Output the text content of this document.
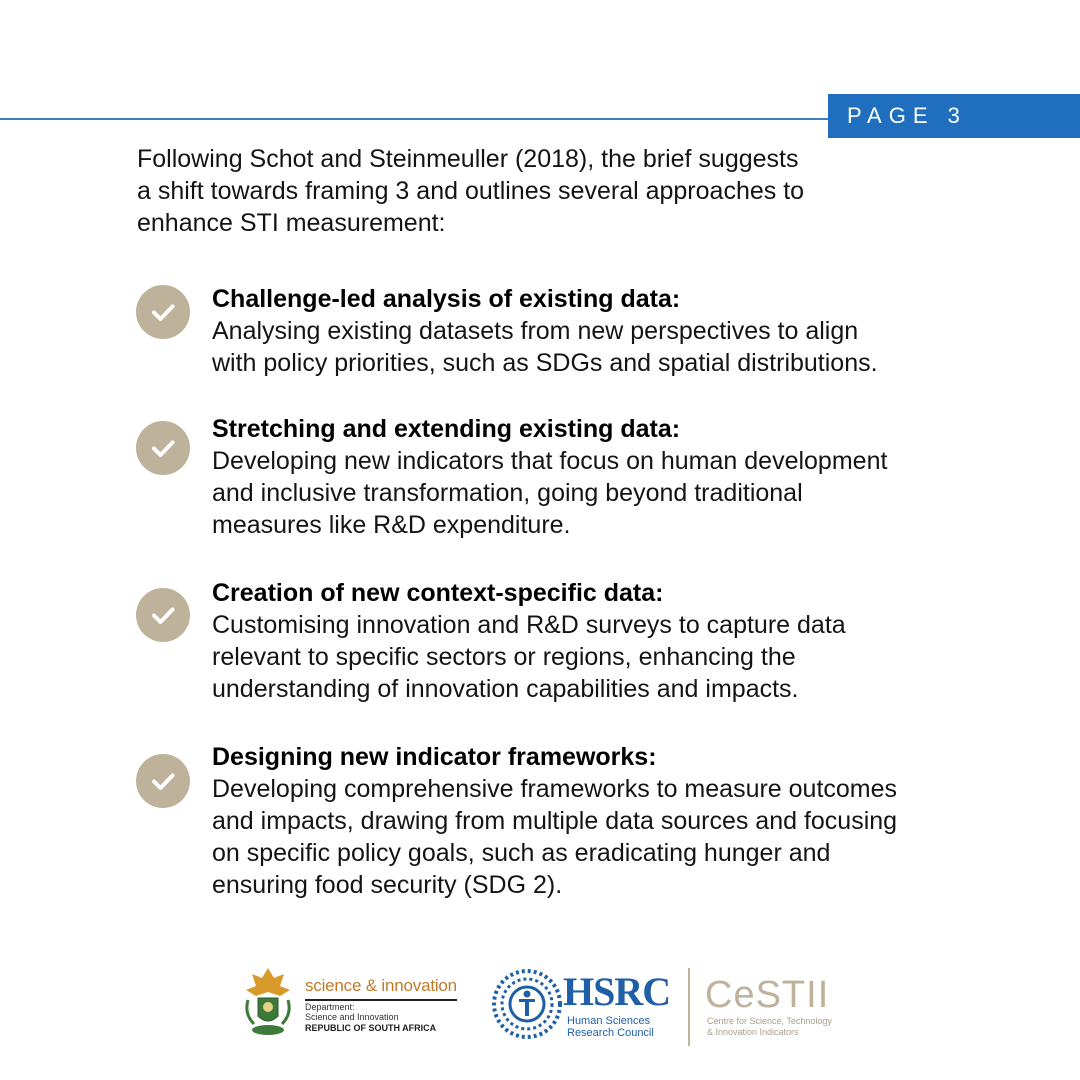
PAGE 3

Following Schot and Steinmeuller (2018), the brief suggests
a shift towards framing 3 and outlines several approaches to
enhance STI measurement:

Challenge-led analysis of existing data:
Analysing existing datasets from new perspectives to align
with policy priorities, such as SDGs and spatial distributions.
Stretching and extending existing data:
Developing new indicators that focus on human development
and inclusive transformation, going beyond traditional
measures like R&D expenditure.
Creation of new context-specific data:
Customising innovation and R&D surveys to capture data
relevant to specific sectors or regions, enhancing the
understanding of innovation capabilities and impacts.
Designing new indicator frameworks:
Developing comprehensive frameworks to measure outcomes
and impacts, drawing from multiple data sources and focusing
on specific policy goals, such as eradicating hunger and
ensuring food security (SDG 2).
science & innovation
Department:
Science and Innovation
REPUBLIC OF SOUTH AFRICA
HSRC
Human Sciences
Research Council
CeSTII
Centre for Science, Technology
& Innovation Indicators
